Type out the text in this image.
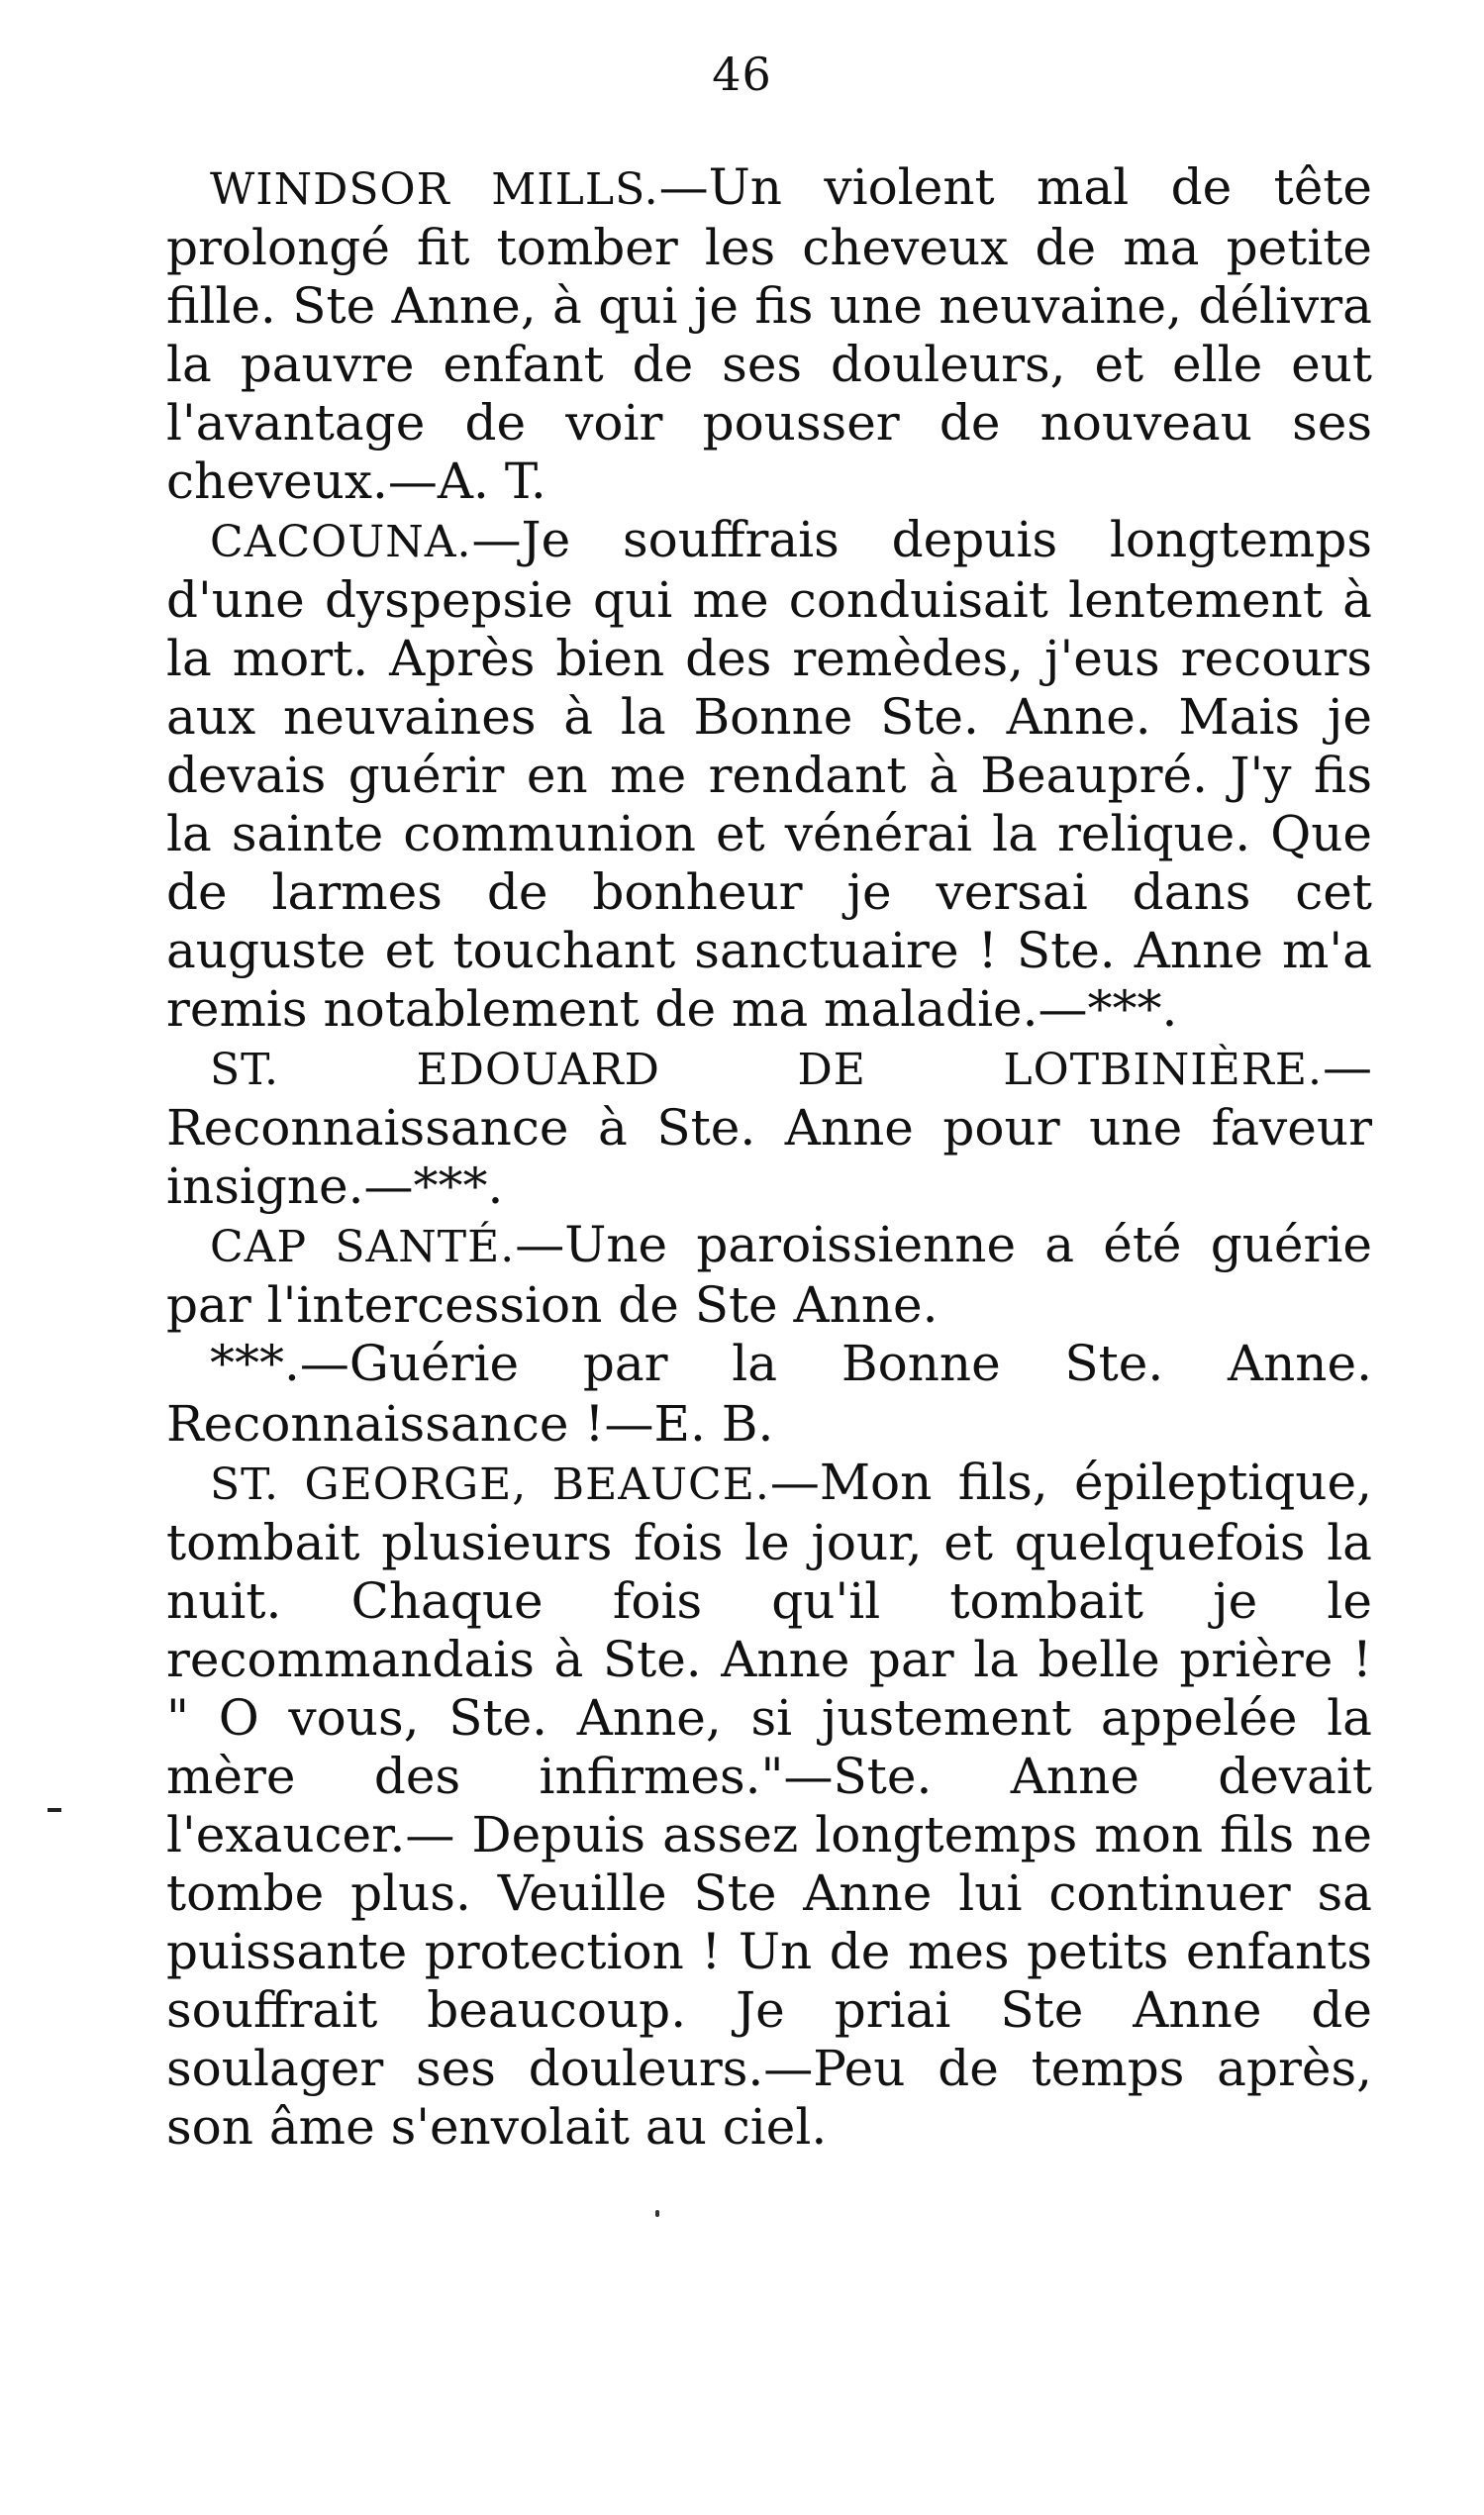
46

WINDSOR MILLS.—Un violent mal de tête prolongé fit tomber les cheveux de ma petite fille. Ste Anne, à qui je fis une neuvaine, délivra la pauvre enfant de ses douleurs, et elle eut l'avantage de voir pousser de nouveau ses cheveux.—A. T.

CACOUNA.—Je souffrais depuis longtemps d'une dyspepsie qui me conduisait lentement à la mort. Après bien des remèdes, j'eus recours aux neuvaines à la Bonne Ste. Anne. Mais je devais guérir en me rendant à Beaupré. J'y fis la sainte communion et vénérai la relique. Que de larmes de bonheur je versai dans cet auguste et touchant sanctuaire ! Ste. Anne m'a remis notablement de ma maladie.—***.

ST. EDOUARD DE LOTBINIÈRE.—Reconnaissance à Ste. Anne pour une faveur insigne.—***.

CAP SANTÉ.—Une paroissienne a été guérie par l'intercession de Ste Anne.

***.—Guérie par la Bonne Ste. Anne. Reconnaissance !—E. B.

ST. GEORGE, BEAUCE.—Mon fils, épileptique, tombait plusieurs fois le jour, et quelquefois la nuit. Chaque fois qu'il tombait je le recommandais à Ste. Anne par la belle prière ! " O vous, Ste. Anne, si justement appelée la mère des infirmes."—Ste. Anne devait l'exaucer.— Depuis assez longtemps mon fils ne tombe plus. Veuille Ste Anne lui continuer sa puissante protection ! Un de mes petits enfants souffrait beaucoup. Je priai Ste Anne de soulager ses douleurs.—Peu de temps après, son âme s'envolait au ciel.
